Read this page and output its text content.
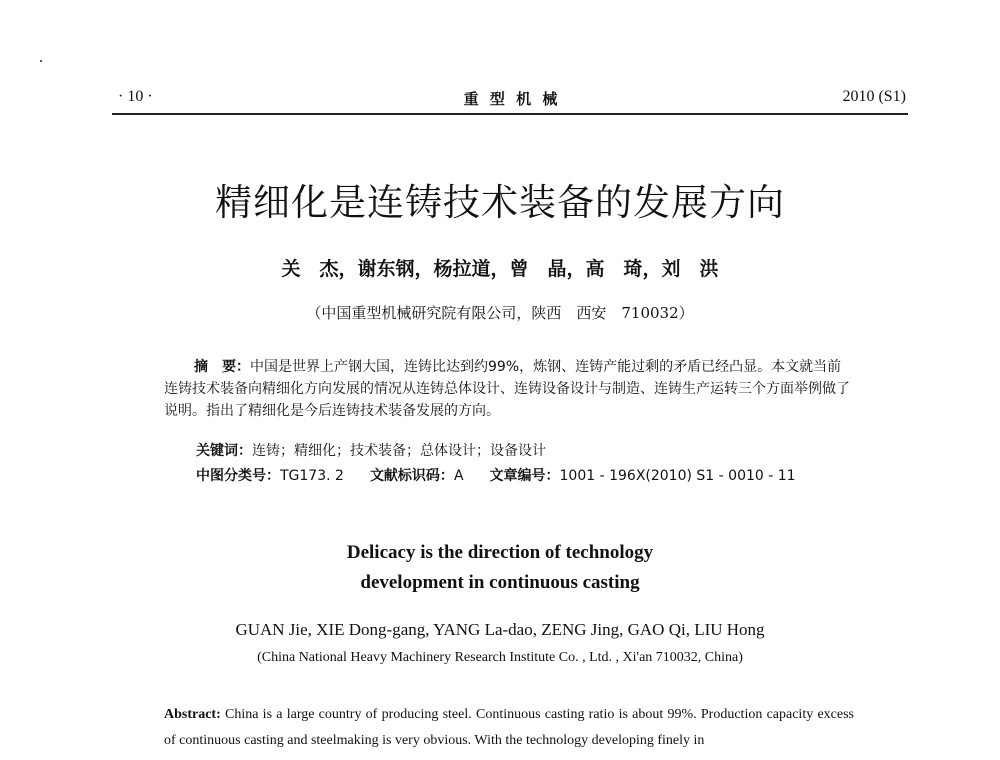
· 10 ·	重 型 机 械	2010 (S1)
精细化是连铸技术装备的发展方向
关　杰，谢东钢，杨拉道，曾　晶，高　琦，刘　洪
（中国重型机械研究院有限公司，陕西　西安　710032）
摘　要：中国是世界上产钢大国，连铸比达到约99%，炼钢、连铸产能过剩的矛盾已经凸显。本文就当前连铸技术装备向精细化方向发展的情况从连铸总体设计、连铸设备设计与制造、连铸生产运转三个方面举例做了说明。指出了精细化是今后连铸技术装备发展的方向。
关键词：连铸；精细化；技术装备；总体设计；设备设计
中图分类号：TG173. 2 文献标识码：A 文章编号：1001 - 196X(2010) S1 - 0010 - 11
Delicacy is the direction of technology
development in continuous casting
GUAN Jie, XIE Dong-gang, YANG La-dao, ZENG Jing, GAO Qi, LIU Hong
(China National Heavy Machinery Research Institute Co. , Ltd. , Xi'an 710032, China)
Abstract: China is a large country of producing steel. Continuous casting ratio is about 99%. Production capacity excess of continuous casting and steelmaking is very obvious. With the technology developing finely in
